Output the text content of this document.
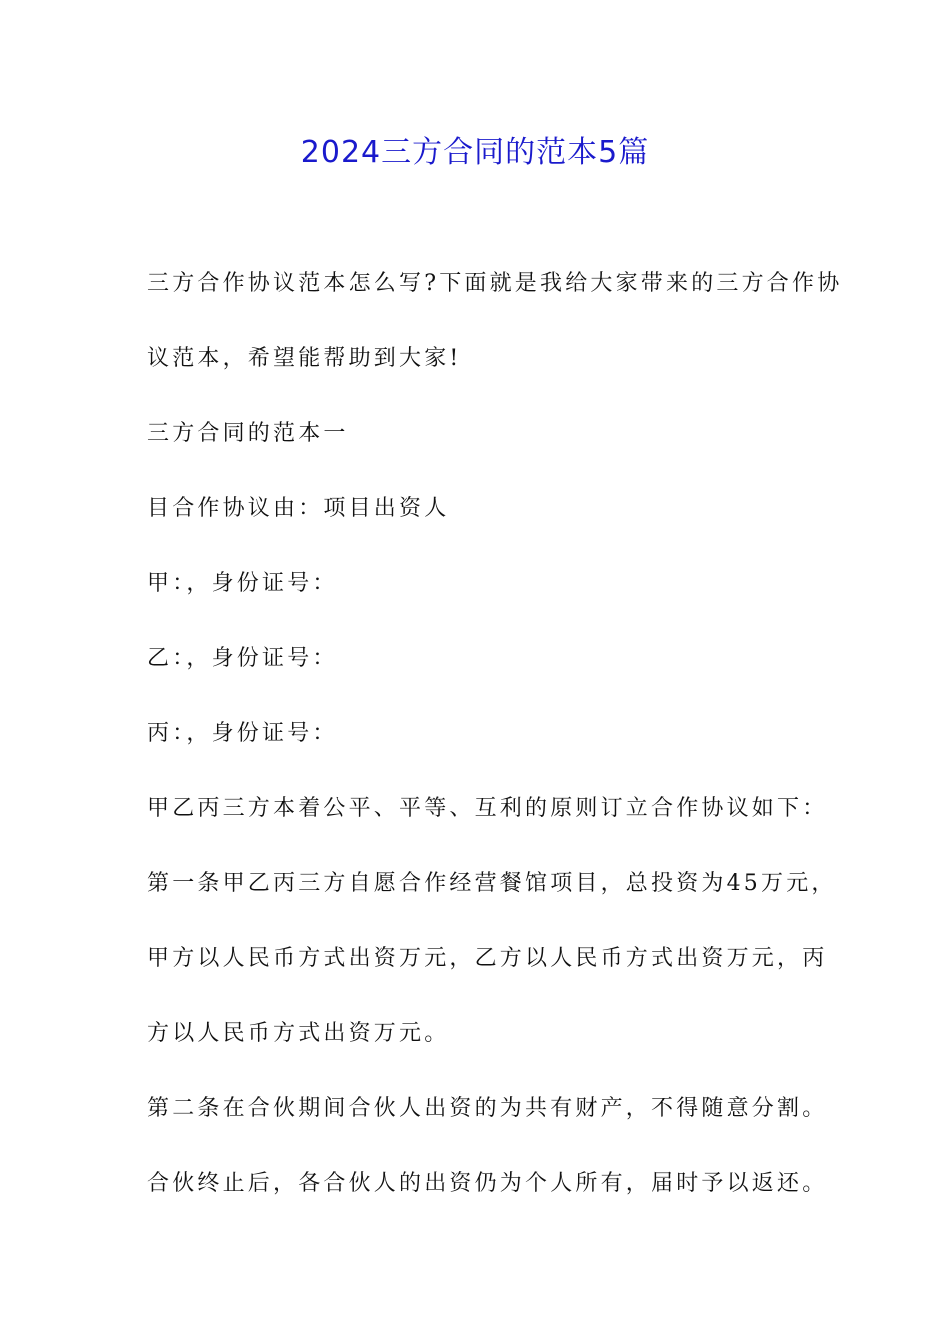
2024三方合同的范本5篇

三方合作协议范本怎么写?下面就是我给大家带来的三方合作协

议范本，希望能帮助到大家!

三方合同的范本一

目合作协议由：项目出资人

甲：，身份证号：

乙：，身份证号：

丙：，身份证号：

甲乙丙三方本着公平、平等、互利的原则订立合作协议如下：

第一条甲乙丙三方自愿合作经营餐馆项目，总投资为45万元，

甲方以人民币方式出资万元，乙方以人民币方式出资万元，丙

方以人民币方式出资万元。

第二条在合伙期间合伙人出资的为共有财产，不得随意分割。

合伙终止后，各合伙人的出资仍为个人所有，届时予以返还。
